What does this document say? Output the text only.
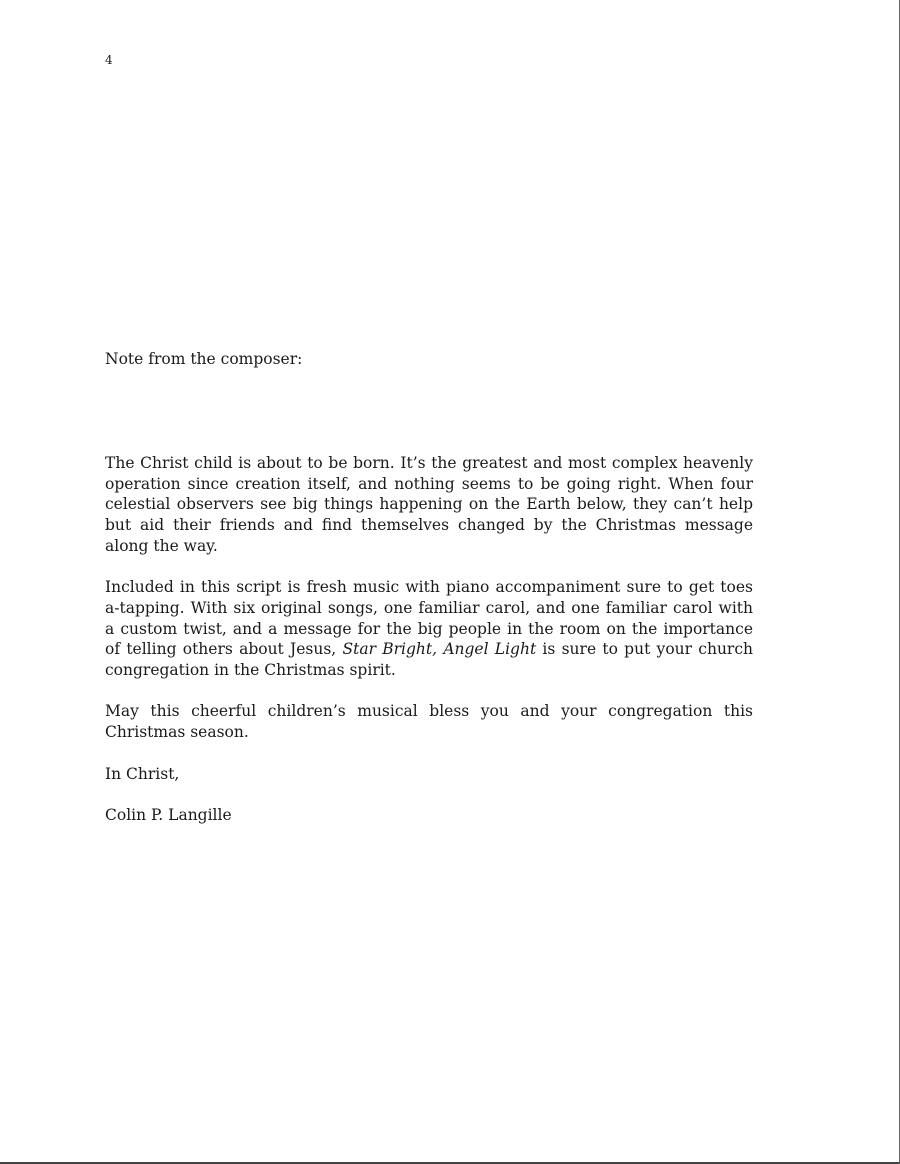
4
Note from the composer:

The Christ child is about to be born. It’s the greatest and most complex heavenly operation since creation itself, and nothing seems to be going right. When four celestial observers see big things happening on the Earth below, they can’t help but aid their friends and find themselves changed by the Christmas message along the way.

Included in this script is fresh music with piano accompaniment sure to get toes a-tapping. With six original songs, one familiar carol, and one familiar carol with a custom twist, and a message for the big people in the room on the importance of telling others about Jesus, Star Bright, Angel Light is sure to put your church congregation in the Christmas spirit.

May this cheerful children’s musical bless you and your congregation this Christmas season.

In Christ,

Colin P. Langille
